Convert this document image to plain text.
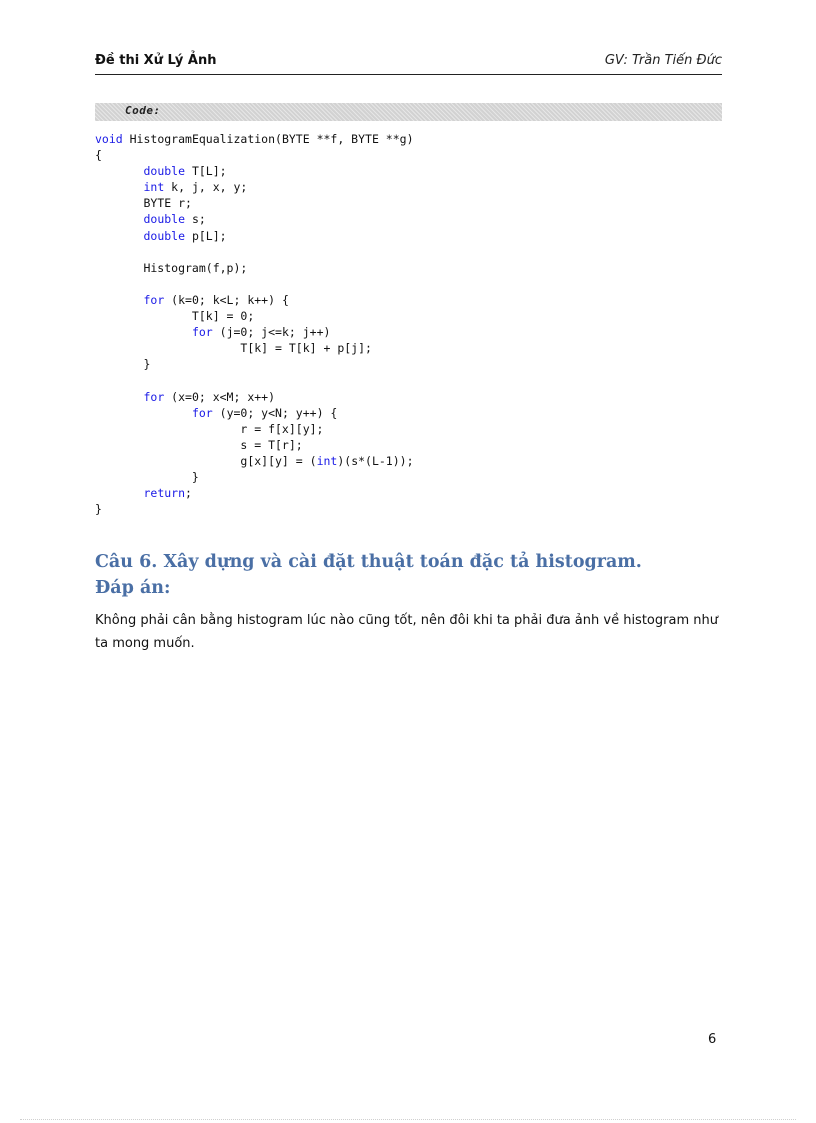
Đề thi Xử Lý Ảnh	GV: Trần Tiến Đức
Code:
void HistogramEqualization(BYTE **f, BYTE **g)
{
double T[L];
int k, j, x, y;
BYTE r;
double s;
double p[L];
Histogram(f,p);
for (k=0; k<L; k++) {
T[k] = 0;
for (j=0; j<=k; j++)
T[k] = T[k] + p[j];
}
for (x=0; x<M; x++)
for (y=0; y<N; y++) {
r = f[x][y];
s = T[r];
g[x][y] = (int)(s*(L-1));
}
return;
}
Câu 6. Xây dựng và cài đặt thuật toán đặc tả histogram.
Đáp án:
Không phải cân bằng histogram lúc nào cũng tốt, nên đôi khi ta phải đưa ảnh về histogram như ta mong muốn.
6
